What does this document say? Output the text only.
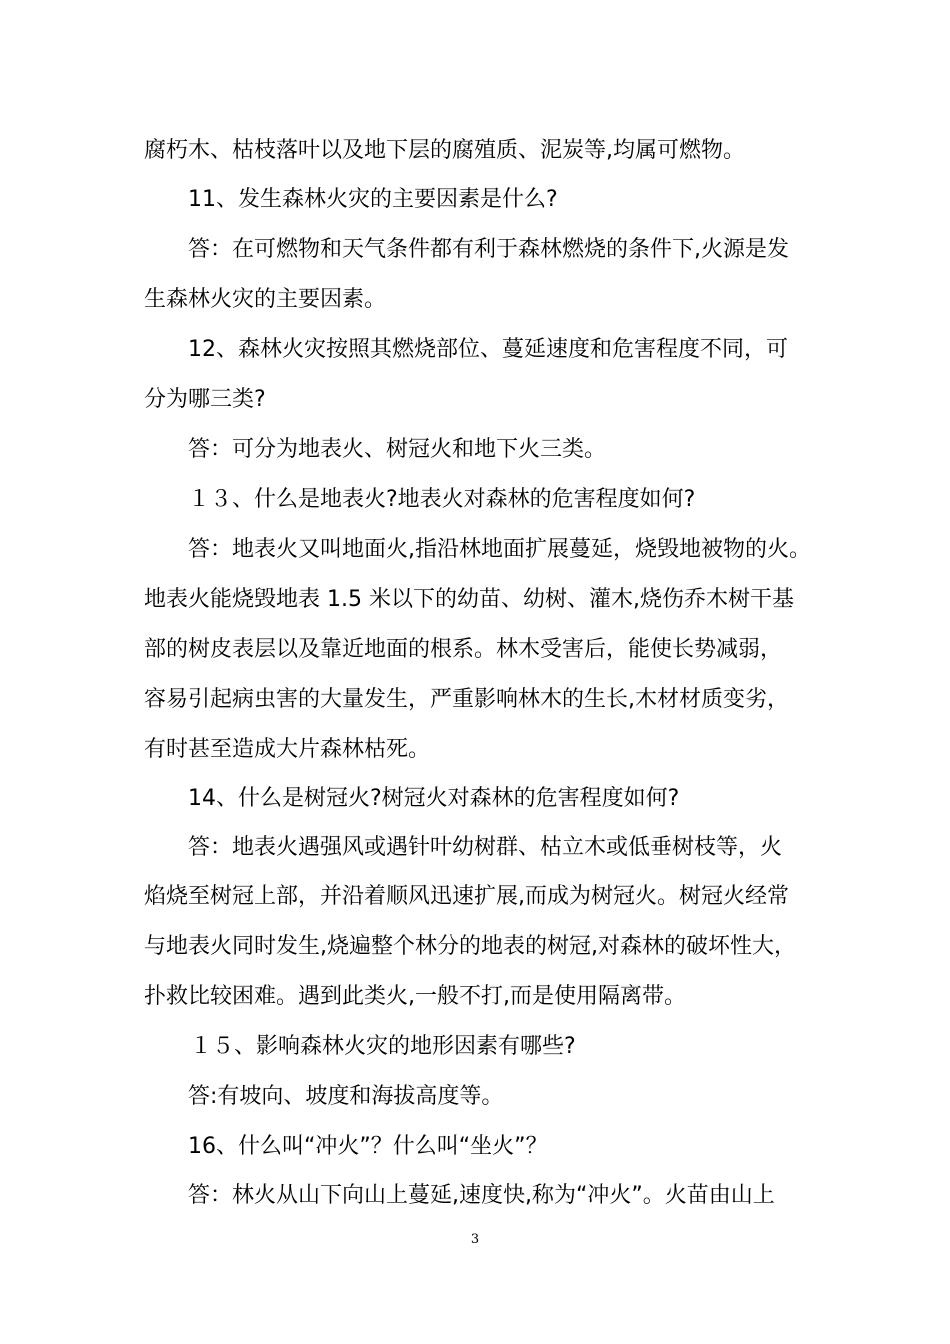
腐朽木、枯枝落叶以及地下层的腐殖质、泥炭等,均属可燃物。
11、发生森林火灾的主要因素是什么?
答：在可燃物和天气条件都有利于森林燃烧的条件下,火源是发
生森林火灾的主要因素。
12、森林火灾按照其燃烧部位、蔓延速度和危害程度不同，可
分为哪三类?
答：可分为地表火、树冠火和地下火三类。
１３、什么是地表火?地表火对森林的危害程度如何?
答：地表火又叫地面火,指沿林地面扩展蔓延，烧毁地被物的火。
地表火能烧毁地表 1.5 米以下的幼苗、幼树、灌木,烧伤乔木树干基
部的树皮表层以及靠近地面的根系。林木受害后，能使长势减弱，
容易引起病虫害的大量发生，严重影响林木的生长,木材材质变劣，
有时甚至造成大片森林枯死。
14、什么是树冠火?树冠火对森林的危害程度如何?
答：地表火遇强风或遇针叶幼树群、枯立木或低垂树枝等，火
焰烧至树冠上部，并沿着顺风迅速扩展,而成为树冠火。树冠火经常
与地表火同时发生,烧遍整个林分的地表的树冠,对森林的破坏性大，
扑救比较困难。遇到此类火,一般不打,而是使用隔离带。
１５、影响森林火灾的地形因素有哪些?
答:有坡向、坡度和海拔高度等。
16、什么叫“冲火”？什么叫“坐火”？
答：林火从山下向山上蔓延,速度快,称为“冲火”。火苗由山上
3
